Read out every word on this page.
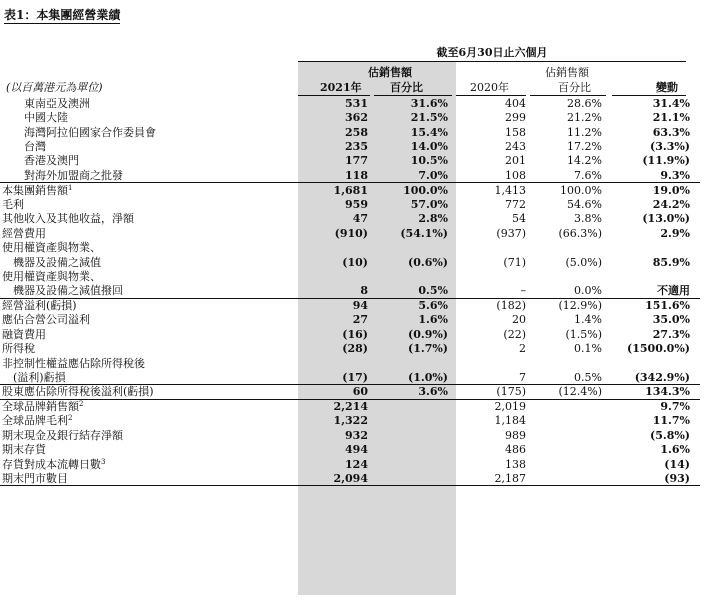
表1：本集團經營業績
截至6月30日止六個月
估銷售額	佔銷售額
(以百萬港元為單位)	2021年	百分比	2020年	百分比	變動
東南亞及澳洲	531	31.6%	404	28.6%	31.4%
中國大陸	362	21.5%	299	21.2%	21.1%
海灣阿拉伯國家合作委員會	258	15.4%	158	11.2%	63.3%
台灣	235	14.0%	243	17.2%	(3.3%)
香港及澳門	177	10.5%	201	14.2%	(11.9%)
對海外加盟商之批發	118	7.0%	108	7.6%	9.3%
本集團銷售額$^1$	1,681	100.0%	1,413	100.0%	19.0%
毛利	959	57.0%	772	54.6%	24.2%
其他收入及其他收益，淨額	47	2.8%	54	3.8%	(13.0%)
經營費用	(910)	(54.1%)	(937)	(66.3%)	2.9%
使用權資產與物業、					
　機器及設備之減值	(10)	(0.6%)	(71)	(5.0%)	85.9%
使用權資產與物業、					
　機器及設備之減值撥回	8	0.5%	–	0.0%	不適用
經營溢利(虧損)	94	5.6%	(182)	(12.9%)	151.6%
應佔合營公司溢利	27	1.6%	20	1.4%	35.0%
融資費用	(16)	(0.9%)	(22)	(1.5%)	27.3%
所得稅	(28)	(1.7%)	2	0.1%	(1500.0%)
非控制性權益應佔除所得稅後					
　(溢利)虧損	(17)	(1.0%)	7	0.5%	(342.9%)
股東應佔除所得稅後溢利(虧損)	60	3.6%	(175)	(12.4%)	134.3%
全球品牌銷售額$^2$	2,214		2,019		9.7%
全球品牌毛利$^2$	1,322		1,184		11.7%
期末現金及銀行結存淨額	932		989		(5.8%)
期末存貨	494		486		1.6%
存貨對成本流轉日數$^3$	124		138		(14)
期末門市數目	2,094		2,187		(93)
